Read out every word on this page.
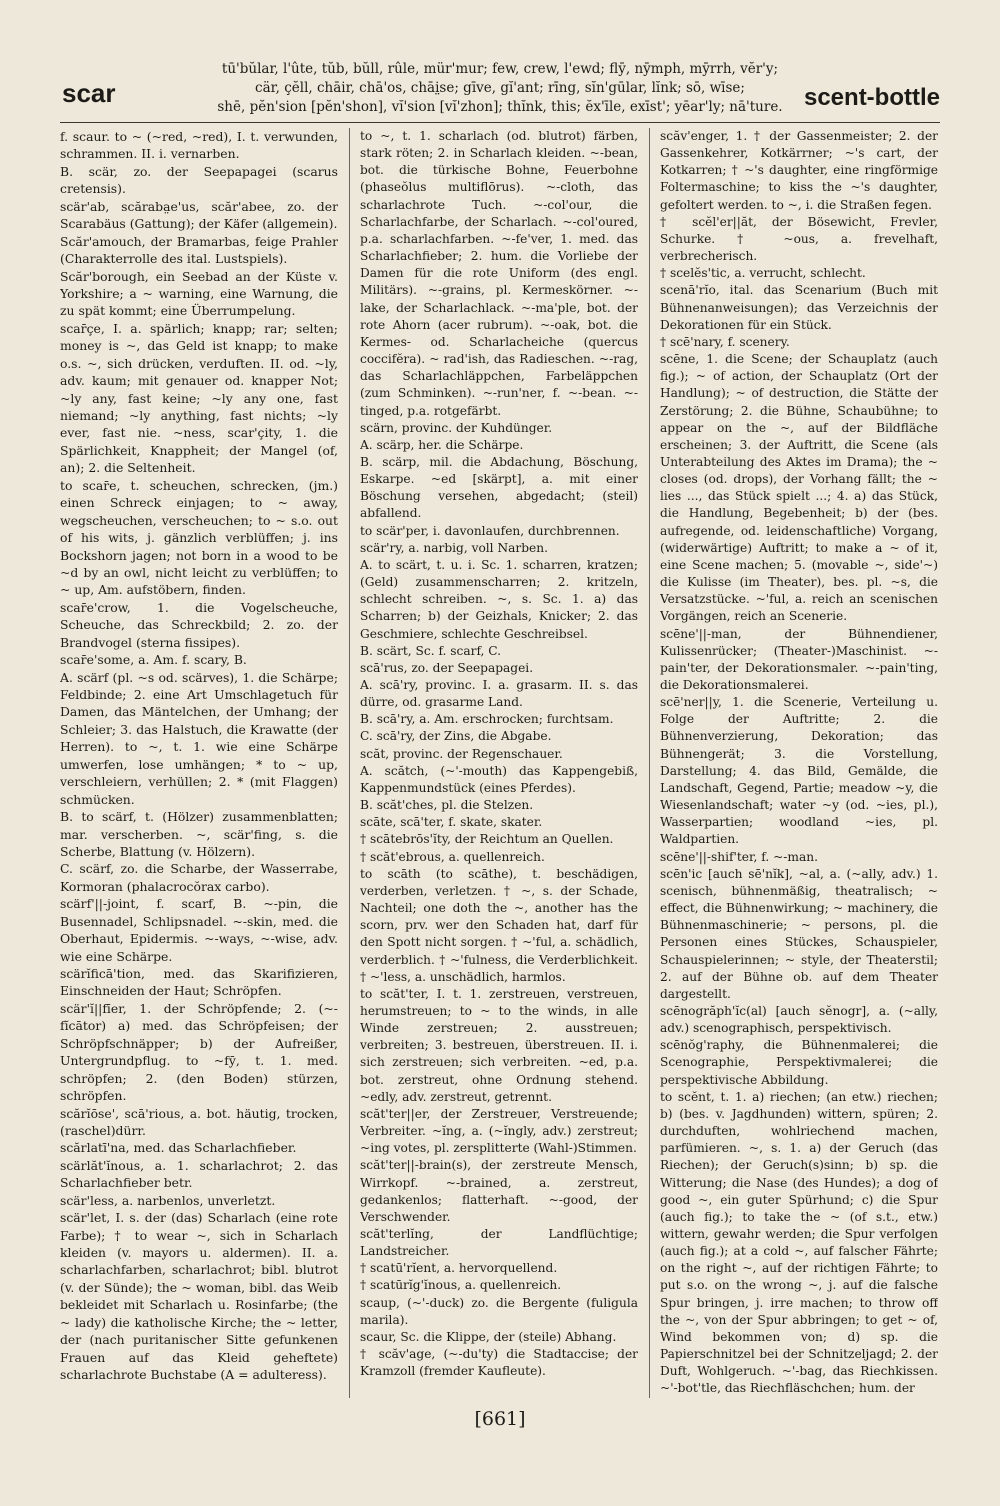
scar
tū'bŭlar, l'ûte, tŭb, bŭll, rûle, mür'mur; few, crew, l'ewd; flȳ, nȳmph, mȳrrh, vĕr'y;
cär, çĕll, chāir, chā'os, chāi̤se; gīve, gĭ'ant; rīng, sĭn'gūlar, lĭnk; sō, wīse;
shē, pĕn'sion [pĕn'shon], vĭ'sion [vĭ'zhon]; thĭnk, this; ĕx'īle, exīst'; yēar'ly; nā'ture. scent-bottle

f. scaur. to ~ (~red, ~red), I. t. verwunden, schrammen. II. i. vernarben.

B. scär, zo. der Seepapagei (scarus cretensis).

scär'ab, scăraba̤e'us, scăr'abee, zo. der Scarabäus (Gattung); der Käfer (allgemein).

Scăr'amouch, der Bramarbas, feige Prahler (Charakterrolle des ital. Lustspiels).

Scăr'borough, ein Seebad an der Küste v. Yorkshire; a ~ warning, eine Warnung, die zu spät kommt; eine Überrumpelung.

scar̄çe, I. a. spärlich; knapp; rar; selten; money is ~, das Geld ist knapp; to make o.s. ~, sich drücken, verduften. II. od. ~ly, adv. kaum; mit genauer od. knapper Not; ~ly any, fast keine; ~ly any one, fast niemand; ~ly anything, fast nichts; ~ly ever, fast nie. ~ness, scar'çity, 1. die Spärlichkeit, Knappheit; der Mangel (of, an); 2. die Seltenheit.

to scar̄e, t. scheuchen, schrecken, (jm.) einen Schreck einjagen; to ~ away, wegscheuchen, verscheuchen; to ~ s.o. out of his wits, j. gänzlich verblüffen; j. ins Bockshorn jagen; not born in a wood to be ~d by an owl, nicht leicht zu verblüffen; to ~ up, Am. aufstöbern, finden.

scar̄e'crow, 1. die Vogelscheuche, Scheuche, das Schreckbild; 2. zo. der Brandvogel (sterna fissipes).

scar̄e'some, a. Am. f. scary, B.

A. scärf (pl. ~s od. scärves), 1. die Schärpe; Feldbinde; 2. eine Art Umschlagetuch für Damen, das Mäntelchen, der Umhang; der Schleier; 3. das Halstuch, die Krawatte (der Herren). to ~, t. 1. wie eine Schärpe umwerfen, lose umhängen; * to ~ up, verschleiern, verhüllen; 2. * (mit Flaggen) schmücken.

B. to scärf, t. (Hölzer) zusammenblatten; mar. verscherben. ~, scär'fing, s. die Scherbe, Blattung (v. Hölzern).

C. scärf, zo. die Scharbe, der Wasserrabe, Kormoran (phalacrocŏrax carbo).

scärf'||-joint, f. scarf, B. ~-pin, die Busennadel, Schlipsnadel. ~-skin, med. die Oberhaut, Epidermis. ~-ways, ~-wise, adv. wie eine Schärpe.

scärĭficā'tion, med. das Skarifizieren, Einschneiden der Haut; Schröpfen.

scär'ĭ||fīer, 1. der Schröpfende; 2. (~-fĭcātor) a) med. das Schröpfeisen; der Schröpfschnäpper; b) der Aufreißer, Untergrundpflug. to ~fȳ, t. 1. med. schröpfen; 2. (den Boden) stürzen, schröpfen.

scărĭōse', scā'rious, a. bot. häutig, trocken, (raschel)dürr.

scărlatī'na, med. das Scharlachfieber.

scärlăt'ĭnous, a. 1. scharlachrot; 2. das Scharlachfieber betr.

scär'less, a. narbenlos, unverletzt.

scär'let, I. s. der (das) Scharlach (eine rote Farbe); † to wear ~, sich in Scharlach kleiden (v. mayors u. aldermen). II. a. scharlachfarben, scharlachrot; bibl. blutrot (v. der Sünde); the ~ woman, bibl. das Weib bekleidet mit Scharlach u. Rosinfarbe; (the ~ lady) die katholische Kirche; the ~ letter, der (nach puritanischer Sitte gefunkenen Frauen auf das Kleid geheftete) scharlachrote Buchstabe (A = adulteress).

to ~, t. 1. scharlach (od. blutrot) färben, stark röten; 2. in Scharlach kleiden. ~-bean, bot. die türkische Bohne, Feuerbohne (phaseŏlus multiflōrus). ~-cloth, das scharlachrote Tuch. ~-col'our, die Scharlachfarbe, der Scharlach. ~-col'oured, p.a. scharlachfarben. ~-fe'ver, 1. med. das Scharlachfieber; 2. hum. die Vorliebe der Damen für die rote Uniform (des engl. Militärs). ~-grains, pl. Kermeskörner. ~-lake, der Scharlachlack. ~-ma'ple, bot. der rote Ahorn (acer rubrum). ~-oak, bot. die Kermes- od. Scharlacheiche (quercus coccifĕra). ~ rad'ish, das Radieschen. ~-rag, das Scharlachläppchen, Farbeläppchen (zum Schminken). ~-run'ner, f. ~-bean. ~-tinged, p.a. rotgefärbt.

scärn, provinc. der Kuhdünger.

A. scärp, her. die Schärpe.

B. scärp, mil. die Abdachung, Böschung, Eskarpe. ~ed [skärpt], a. mit einer Böschung versehen, abgedacht; (steil) abfallend.

to scär'per, i. davonlaufen, durchbrennen.

scär'ry, a. narbig, voll Narben.

A. to scärt, t. u. i. Sc. 1. scharren, kratzen; (Geld) zusammenscharren; 2. kritzeln, schlecht schreiben. ~, s. Sc. 1. a) das Scharren; b) der Geizhals, Knicker; 2. das Geschmiere, schlechte Geschreibsel.

B. scärt, Sc. f. scarf, C.

scā'rus, zo. der Seepapagei.

A. scā'ry, provinc. I. a. grasarm. II. s. das dürre, od. grasarme Land.

B. scā'ry, a. Am. erschrocken; furchtsam.

C. scā'ry, der Zins, die Abgabe.

scăt, provinc. der Regenschauer.

A. scătch, (~'-mouth) das Kappengebiß, Kappenmundstück (eines Pferdes).

B. scăt'ches, pl. die Stelzen.

scāte, scā'ter, f. skate, skater.

† scātebrōs'ĭty, der Reichtum an Quellen.

† scăt'ebrous, a. quellenreich.

to scāth (to scāthe), t. beschädigen, verderben, verletzen. † ~, s. der Schade, Nachteil; one doth the ~, another has the scorn, prv. wer den Schaden hat, darf für den Spott nicht sorgen. † ~'ful, a. schädlich, verderblich. † ~'fulness, die Verderblichkeit. † ~'less, a. unschädlich, harmlos.

to scăt'ter, I. t. 1. zerstreuen, verstreuen, herumstreuen; to ~ to the winds, in alle Winde zerstreuen; 2. ausstreuen; verbreiten; 3. bestreuen, überstreuen. II. i. sich zerstreuen; sich verbreiten. ~ed, p.a. bot. zerstreut, ohne Ordnung stehend. ~edly, adv. zerstreut, getrennt.

scăt'ter||er, der Zerstreuer, Verstreuende; Verbreiter. ~ĭng, a. (~ĭngly, adv.) zerstreut; ~ing votes, pl. zersplitterte (Wahl-)Stimmen.

scăt'ter||-brain(s), der zerstreute Mensch, Wirrkopf. ~-brained, a. zerstreut, gedankenlos; flatterhaft. ~-good, der Verschwender.

scăt'terlĭng, der Landflüchtige; Landstreicher.

† scatū'rĭent, a. hervorquellend.

† scatūrĭg'ĭnous, a. quellenreich.

scaup, (~'-duck) zo. die Bergente (fuligula marila).

scaur, Sc. die Klippe, der (steile) Abhang.

† scăv'age, (~-du'ty) die Stadtaccise; der Kramzoll (fremder Kaufleute).

scăv'enger, 1. † der Gassenmeister; 2. der Gassenkehrer, Kotkärrner; ~'s cart, der Kotkarren; † ~'s daughter, eine ringförmige Foltermaschine; to kiss the ~'s daughter, gefoltert werden. to ~, i. die Straßen fegen.

† scĕl'er||ăt, der Bösewicht, Frevler, Schurke. † ~ous, a. frevelhaft, verbrecherisch.

† scelĕs'tic, a. verrucht, schlecht.

scenā'rĭo, ital. das Scenarium (Buch mit Bühnenanweisungen); das Verzeichnis der Dekorationen für ein Stück.

† scē'nary, f. scenery.

scēne, 1. die Scene; der Schauplatz (auch fig.); ~ of action, der Schauplatz (Ort der Handlung); ~ of destruction, die Stätte der Zerstörung; 2. die Bühne, Schaubühne; to appear on the ~, auf der Bildfläche erscheinen; 3. der Auftritt, die Scene (als Unterabteilung des Aktes im Drama); the ~ closes (od. drops), der Vorhang fällt; the ~ lies ..., das Stück spielt ...; 4. a) das Stück, die Handlung, Begebenheit; b) der (bes. aufregende, od. leidenschaftliche) Vorgang, (widerwärtige) Auftritt; to make a ~ of it, eine Scene machen; 5. (movable ~, side'~) die Kulisse (im Theater), bes. pl. ~s, die Versatzstücke. ~'ful, a. reich an scenischen Vorgängen, reich an Scenerie.

scēne'||-man, der Bühnendiener, Kulissenrücker; (Theater-)Maschinist. ~-pain'ter, der Dekorationsmaler. ~-pain'ting, die Dekorationsmalerei.

scē'ner||y, 1. die Scenerie, Verteilung u. Folge der Auftritte; 2. die Bühnenverzierung, Dekoration; das Bühnengerät; 3. die Vorstellung, Darstellung; 4. das Bild, Gemälde, die Landschaft, Gegend, Partie; meadow ~y, die Wiesenlandschaft; water ~y (od. ~ies, pl.), Wasserpartien; woodland ~ies, pl. Waldpartien.

scēne'||-shif'ter, f. ~-man.

scēn'ic [auch sē'nĭk], ~al, a. (~ally, adv.) 1. scenisch, bühnenmäßig, theatralisch; ~ effect, die Bühnenwirkung; ~ machinery, die Bühnenmaschinerie; ~ persons, pl. die Personen eines Stückes, Schauspieler, Schauspielerinnen; ~ style, der Theaterstil; 2. auf der Bühne ob. auf dem Theater dargestellt.

scēnogrăph'ĭc(al) [auch sĕnogr], a. (~ally, adv.) scenographisch, perspektivisch.

scēnŏg'raphy, die Bühnenmalerei; die Scenographie, Perspektivmalerei; die perspektivische Abbildung.

to scĕnt, t. 1. a) riechen; (an etw.) riechen; b) (bes. v. Jagdhunden) wittern, spüren; 2. durchduften, wohlriechend machen, parfümieren. ~, s. 1. a) der Geruch (das Riechen); der Geruch(s)sinn; b) sp. die Witterung; die Nase (des Hundes); a dog of good ~, ein guter Spürhund; c) die Spur (auch fig.); to take the ~ (of s.t., etw.) wittern, gewahr werden; die Spur verfolgen (auch fig.); at a cold ~, auf falscher Fährte; on the right ~, auf der richtigen Fährte; to put s.o. on the wrong ~, j. auf die falsche Spur bringen, j. irre machen; to throw off the ~, von der Spur abbringen; to get ~ of, Wind bekommen von; d) sp. die Papierschnitzel bei der Schnitzeljagd; 2. der Duft, Wohlgeruch. ~'-bag, das Riechkissen. ~'-bot'tle, das Riechfläschchen; hum. der

[661]
